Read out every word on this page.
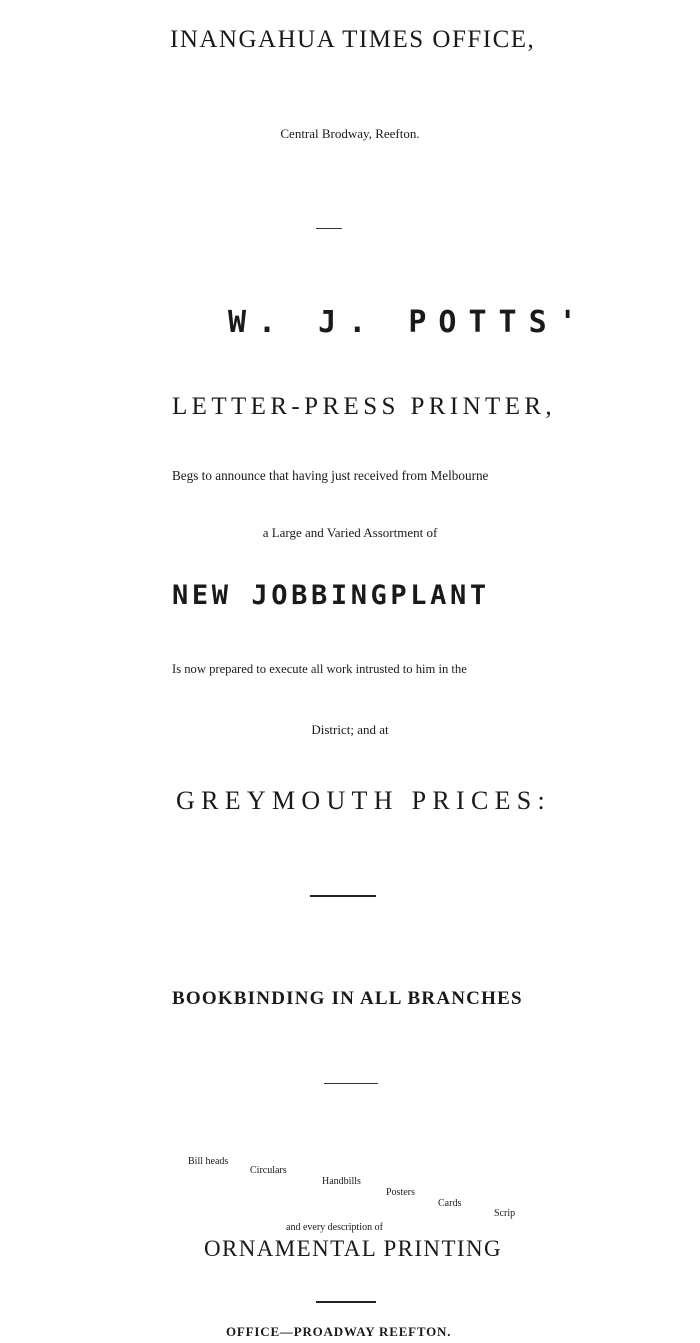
INANGAHUA TIMES OFFICE,
Central Brodway, Reefton.
W. J. POTTS'
LETTER-PRESS PRINTER,
Begs to announce that having just received from Melbourne
a Large and Varied Assortment of
NEW JOBBINGPLANT
Is now prepared to execute all work intrusted to him in the
District; and at
GREYMOUTH PRICES:
BOOKBINDING IN ALL BRANCHES
Bill heads
Circulars
Handbills
Posters
Cards
Scrip
and every description of
ORNAMENTAL PRINTING
OFFICE—PROADWAY REEFTON.
